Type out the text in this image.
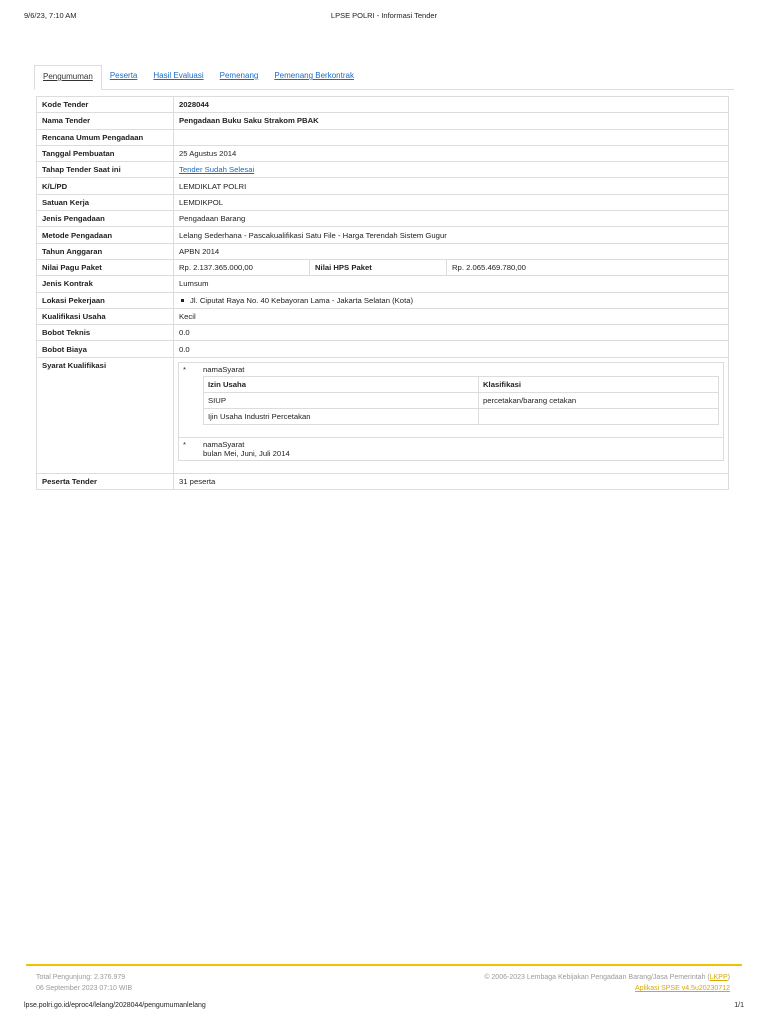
9/6/23, 7:10 AM	LPSE POLRI - Informasi Tender
Pengumuman	Peserta	Hasil Evaluasi	Pemenang	Pemenang Berkontrak
Kode Tender	2028044
Nama Tender	Pengadaan Buku Saku Strakom PBAK
Rencana Umum Pengadaan	
Tanggal Pembuatan	25 Agustus 2014
Tahap Tender Saat ini	Tender Sudah Selesai
K/L/PD	LEMDIKLAT POLRI
Satuan Kerja	LEMDIKPOL
Jenis Pengadaan	Pengadaan Barang
Metode Pengadaan	Lelang Sederhana - Pascakualifikasi Satu File - Harga Terendah Sistem Gugur
Tahun Anggaran	APBN 2014
Nilai Pagu Paket	Rp. 2.137.365.000,00	Nilai HPS Paket	Rp. 2.065.469.780,00
Jenis Kontrak	Lumsum
Lokasi Pekerjaan	Jl. Ciputat Raya No. 40 Kebayoran Lama - Jakarta Selatan (Kota)
Kualifikasi Usaha	Kecil
Bobot Teknis	0.0
Bobot Biaya	0.0
Syarat Kualifikasi		*	namaSyarat
Izin Usaha	Klasifikasi
SIUP	percetakan/barang cetakan
Ijin Usaha Industri Percetakan	

*	namaSyarat
bulan Mei, Juni, Juli 2014

Peserta Tender	31 peserta
Total Pengunjung: 2.376.979
06 September 2023 07:10 WIB
© 2006-2023 Lembaga Kebijakan Pengadaan Barang/Jasa Pemerintah (LKPP)
Aplikasi SPSE v4.5u20230712
lpse.polri.go.id/eproc4/lelang/2028044/pengumumanlelang	1/1
